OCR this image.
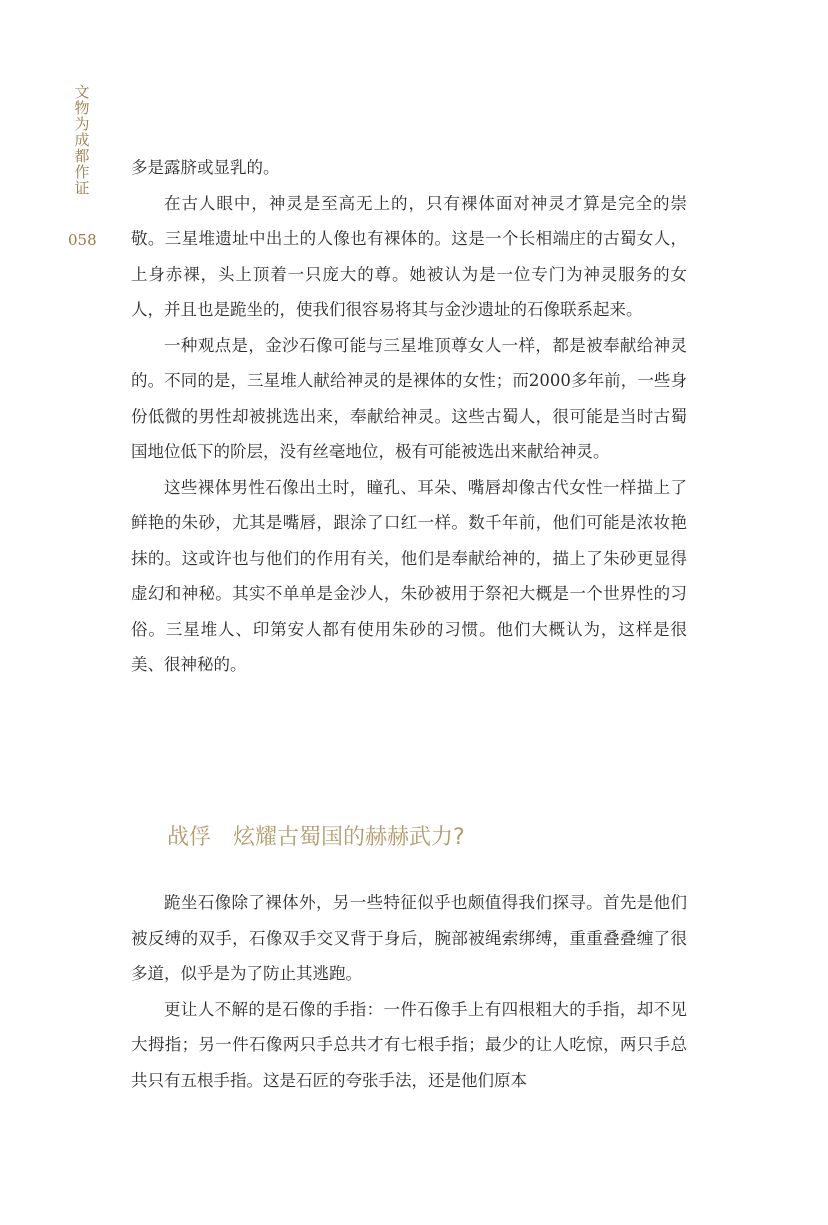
文物为成都作证
058

多是露脐或显乳的。

在古人眼中，神灵是至高无上的，只有裸体面对神灵才算是完全的崇敬。三星堆遗址中出土的人像也有裸体的。这是一个长相端庄的古蜀女人，上身赤裸，头上顶着一只庞大的尊。她被认为是一位专门为神灵服务的女人，并且也是跪坐的，使我们很容易将其与金沙遗址的石像联系起来。

一种观点是，金沙石像可能与三星堆顶尊女人一样，都是被奉献给神灵的。不同的是，三星堆人献给神灵的是裸体的女性；而2000多年前，一些身份低微的男性却被挑选出来，奉献给神灵。这些古蜀人，很可能是当时古蜀国地位低下的阶层，没有丝毫地位，极有可能被选出来献给神灵。

这些裸体男性石像出土时，瞳孔、耳朵、嘴唇却像古代女性一样描上了鲜艳的朱砂，尤其是嘴唇，跟涂了口红一样。数千年前，他们可能是浓妆艳抹的。这或许也与他们的作用有关，他们是奉献给神的，描上了朱砂更显得虚幻和神秘。其实不单单是金沙人，朱砂被用于祭祀大概是一个世界性的习俗。三星堆人、印第安人都有使用朱砂的习惯。他们大概认为，这样是很美、很神秘的。

战俘　炫耀古蜀国的赫赫武力?

跪坐石像除了裸体外，另一些特征似乎也颇值得我们探寻。首先是他们被反缚的双手，石像双手交叉背于身后，腕部被绳索绑缚，重重叠叠缠了很多道，似乎是为了防止其逃跑。

更让人不解的是石像的手指：一件石像手上有四根粗大的手指，却不见大拇指；另一件石像两只手总共才有七根手指；最少的让人吃惊，两只手总共只有五根手指。这是石匠的夸张手法，还是他们原本
